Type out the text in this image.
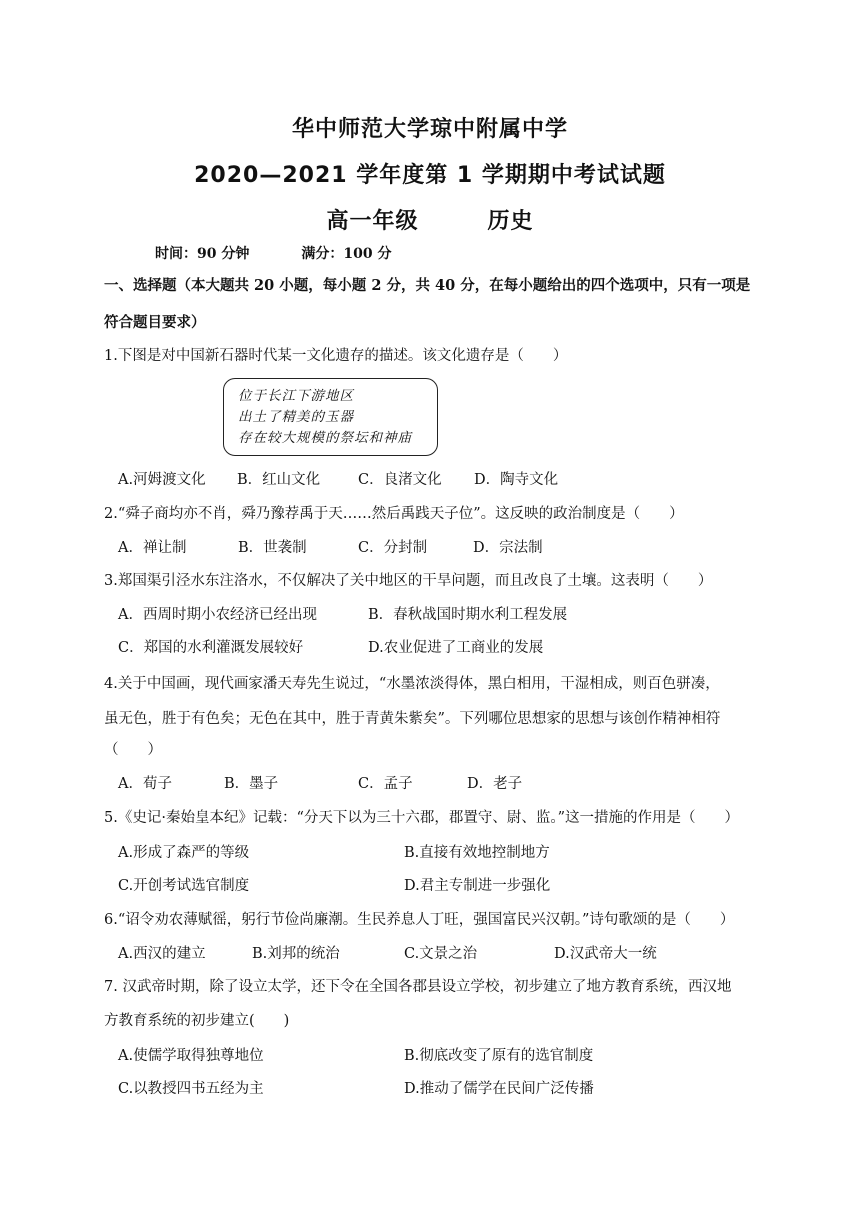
华中师范大学琼中附属中学
2020—2021 学年度第 1 学期期中考试试题
高一年级　　　历史
时间：90 分钟	满分：100 分
一、选择题（本大题共 20 小题，每小题 2 分，共 40 分，在每小题给出的四个选项中，只有一项是
符合题目要求）
1.下图是对中国新石器时代某一文化遗存的描述。该文化遗存是（　　）
位于长江下游地区
出土了精美的玉器
存在较大规模的祭坛和神庙
A.河姆渡文化 B．红山文化	C．良渚文化 D．陶寺文化
2.“舜子商均亦不肖，舜乃豫荐禹于天……然后禹践天子位”。这反映的政治制度是（　　）
A．禅让制	B．世袭制	C．分封制	D．宗法制
3.郑国渠引泾水东注洛水，不仅解决了关中地区的干旱问题，而且改良了土壤。这表明（　　）
A．西周时期小农经济已经出现	B．春秋战国时期水利工程发展
C．郑国的水利灌溉发展较好	D.农业促进了工商业的发展
4.关于中国画，现代画家潘天寿先生说过，“水墨浓淡得体，黑白相用，干湿相成，则百色骈凑，
虽无色，胜于有色矣；无色在其中，胜于青黄朱紫矣”。下列哪位思想家的思想与该创作精神相符
（　　）
A．荀子	B．墨子	C．孟子	D．老子
5.《史记·秦始皇本纪》记载：“分天下以为三十六郡，郡置守、尉、监。”这一措施的作用是（　　）
A.形成了森严的等级	B.直接有效地控制地方
C.开创考试选官制度	D.君主专制进一步强化
6.“诏令劝农薄赋徭，躬行节俭尚廉潮。生民养息人丁旺，强国富民兴汉朝。”诗句歌颂的是（　　）
A.西汉的建立	B.刘邦的统治	C.文景之治	D.汉武帝大一统
7. 汉武帝时期，除了设立太学，还下令在全国各郡县设立学校，初步建立了地方教育系统，西汉地
方教育系统的初步建立(　　)
A.使儒学取得独尊地位	B.彻底改变了原有的选官制度
C.以教授四书五经为主	D.推动了儒学在民间广泛传播
